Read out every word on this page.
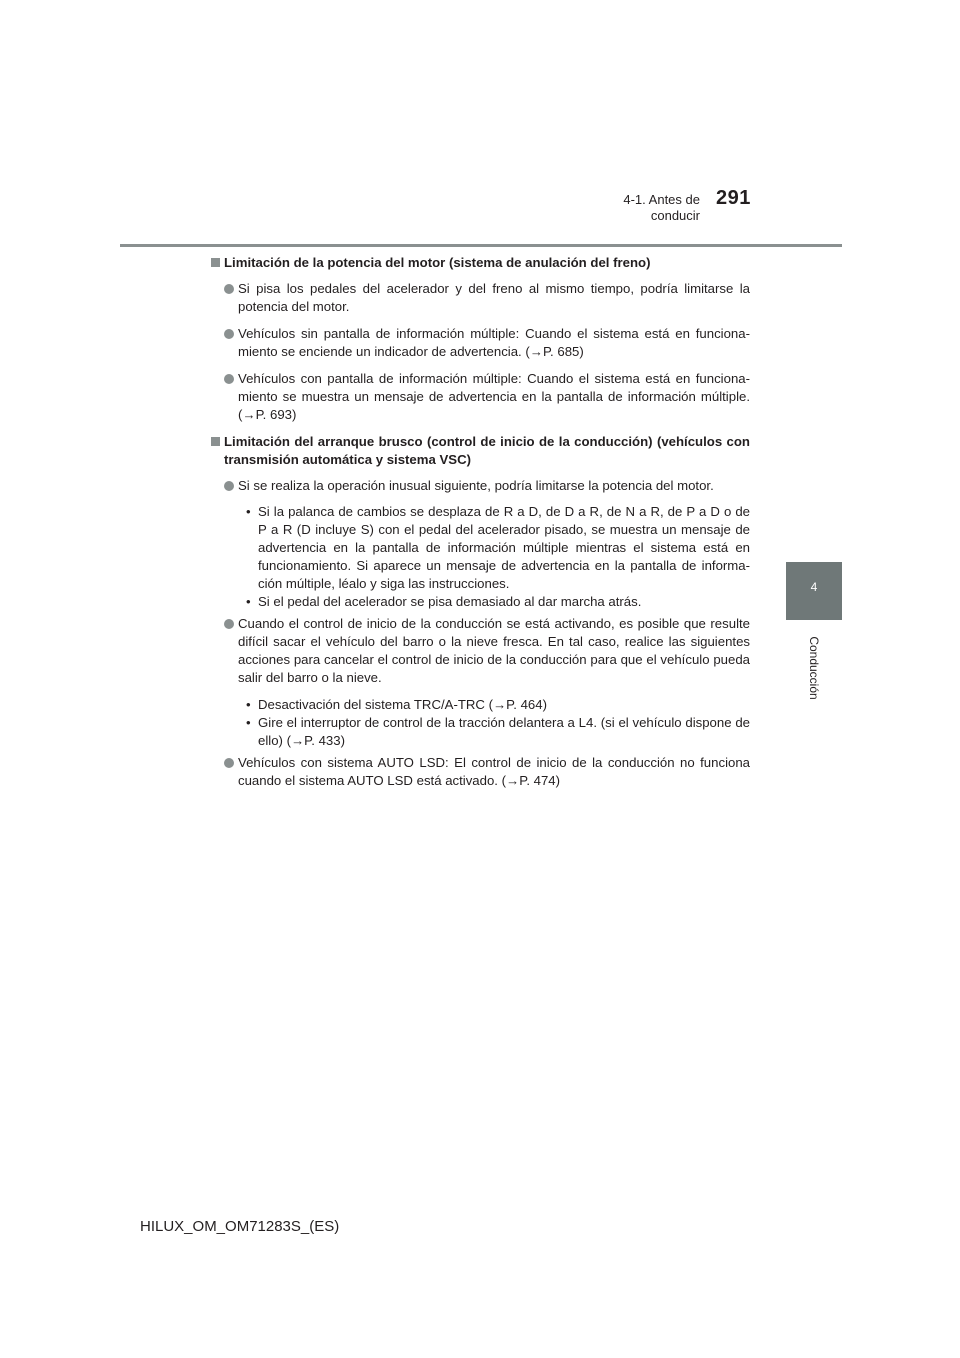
4-1. Antes de conducir
291
4
Conducción

Limitación de la potencia del motor (sistema de anulación del freno)

Si pisa los pedales del acelerador y del freno al mismo tiempo, podría limitarse la potencia del motor.

Vehículos sin pantalla de información múltiple: Cuando el sistema está en funciona-miento se enciende un indicador de advertencia. (→P. 685)

Vehículos con pantalla de información múltiple: Cuando el sistema está en funciona-miento se muestra un mensaje de advertencia en la pantalla de información múltiple. (→P. 693)

Limitación del arranque brusco (control de inicio de la conducción) (vehículos con transmisión automática y sistema VSC)

Si se realiza la operación inusual siguiente, podría limitarse la potencia del motor.

• Si la palanca de cambios se desplaza de R a D, de D a R, de N a R, de P a D o de P a R (D incluye S) con el pedal del acelerador pisado, se muestra un mensaje de advertencia en la pantalla de información múltiple mientras el sistema está en funcionamiento. Si aparece un mensaje de advertencia en la pantalla de informa-ción múltiple, léalo y siga las instrucciones.

• Si el pedal del acelerador se pisa demasiado al dar marcha atrás.

Cuando el control de inicio de la conducción se está activando, es posible que resulte difícil sacar el vehículo del barro o la nieve fresca. En tal caso, realice las siguientes acciones para cancelar el control de inicio de la conducción para que el vehículo pueda salir del barro o la nieve.

• Desactivación del sistema TRC/A-TRC (→P. 464)

• Gire el interruptor de control de la tracción delantera a L4. (si el vehículo dispone de ello) (→P. 433)

Vehículos con sistema AUTO LSD: El control de inicio de la conducción no funciona cuando el sistema AUTO LSD está activado. (→P. 474)

HILUX_OM_OM71283S_(ES)
